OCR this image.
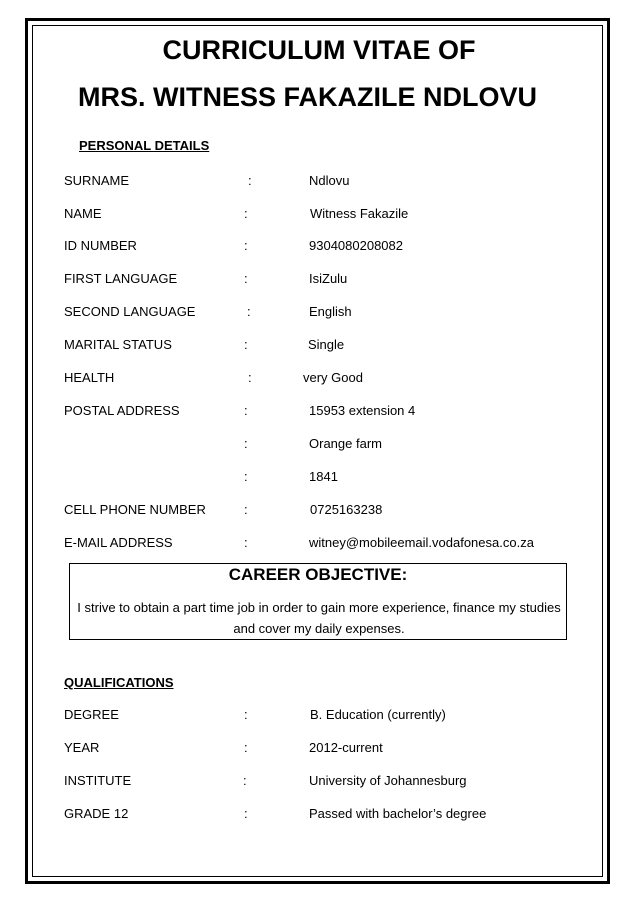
CURRICULUM VITAE OF
MRS. WITNESS FAKAZILE NDLOVU
PERSONAL DETAILS
SURNAME	:	Ndlovu
NAME	:	Witness Fakazile
ID NUMBER	:	9304080208082
FIRST LANGUAGE	:	IsiZulu
SECOND LANGUAGE	:	English
MARITAL STATUS	:	Single
HEALTH	:	very Good
POSTAL ADDRESS	:	15953 extension 4
:	Orange farm
:	1841
CELL PHONE NUMBER	:	0725163238
E-MAIL ADDRESS	:	witney@mobileemail.vodafonesa.co.za
CAREER OBJECTIVE:
I strive to obtain a part time job in order to gain more experience, finance my studies
and cover my daily expenses.
QUALIFICATIONS
DEGREE	:	B. Education (currently)
YEAR	:	2012-current
INSTITUTE	:	University of Johannesburg
GRADE 12	:	Passed with bachelor’s degree
